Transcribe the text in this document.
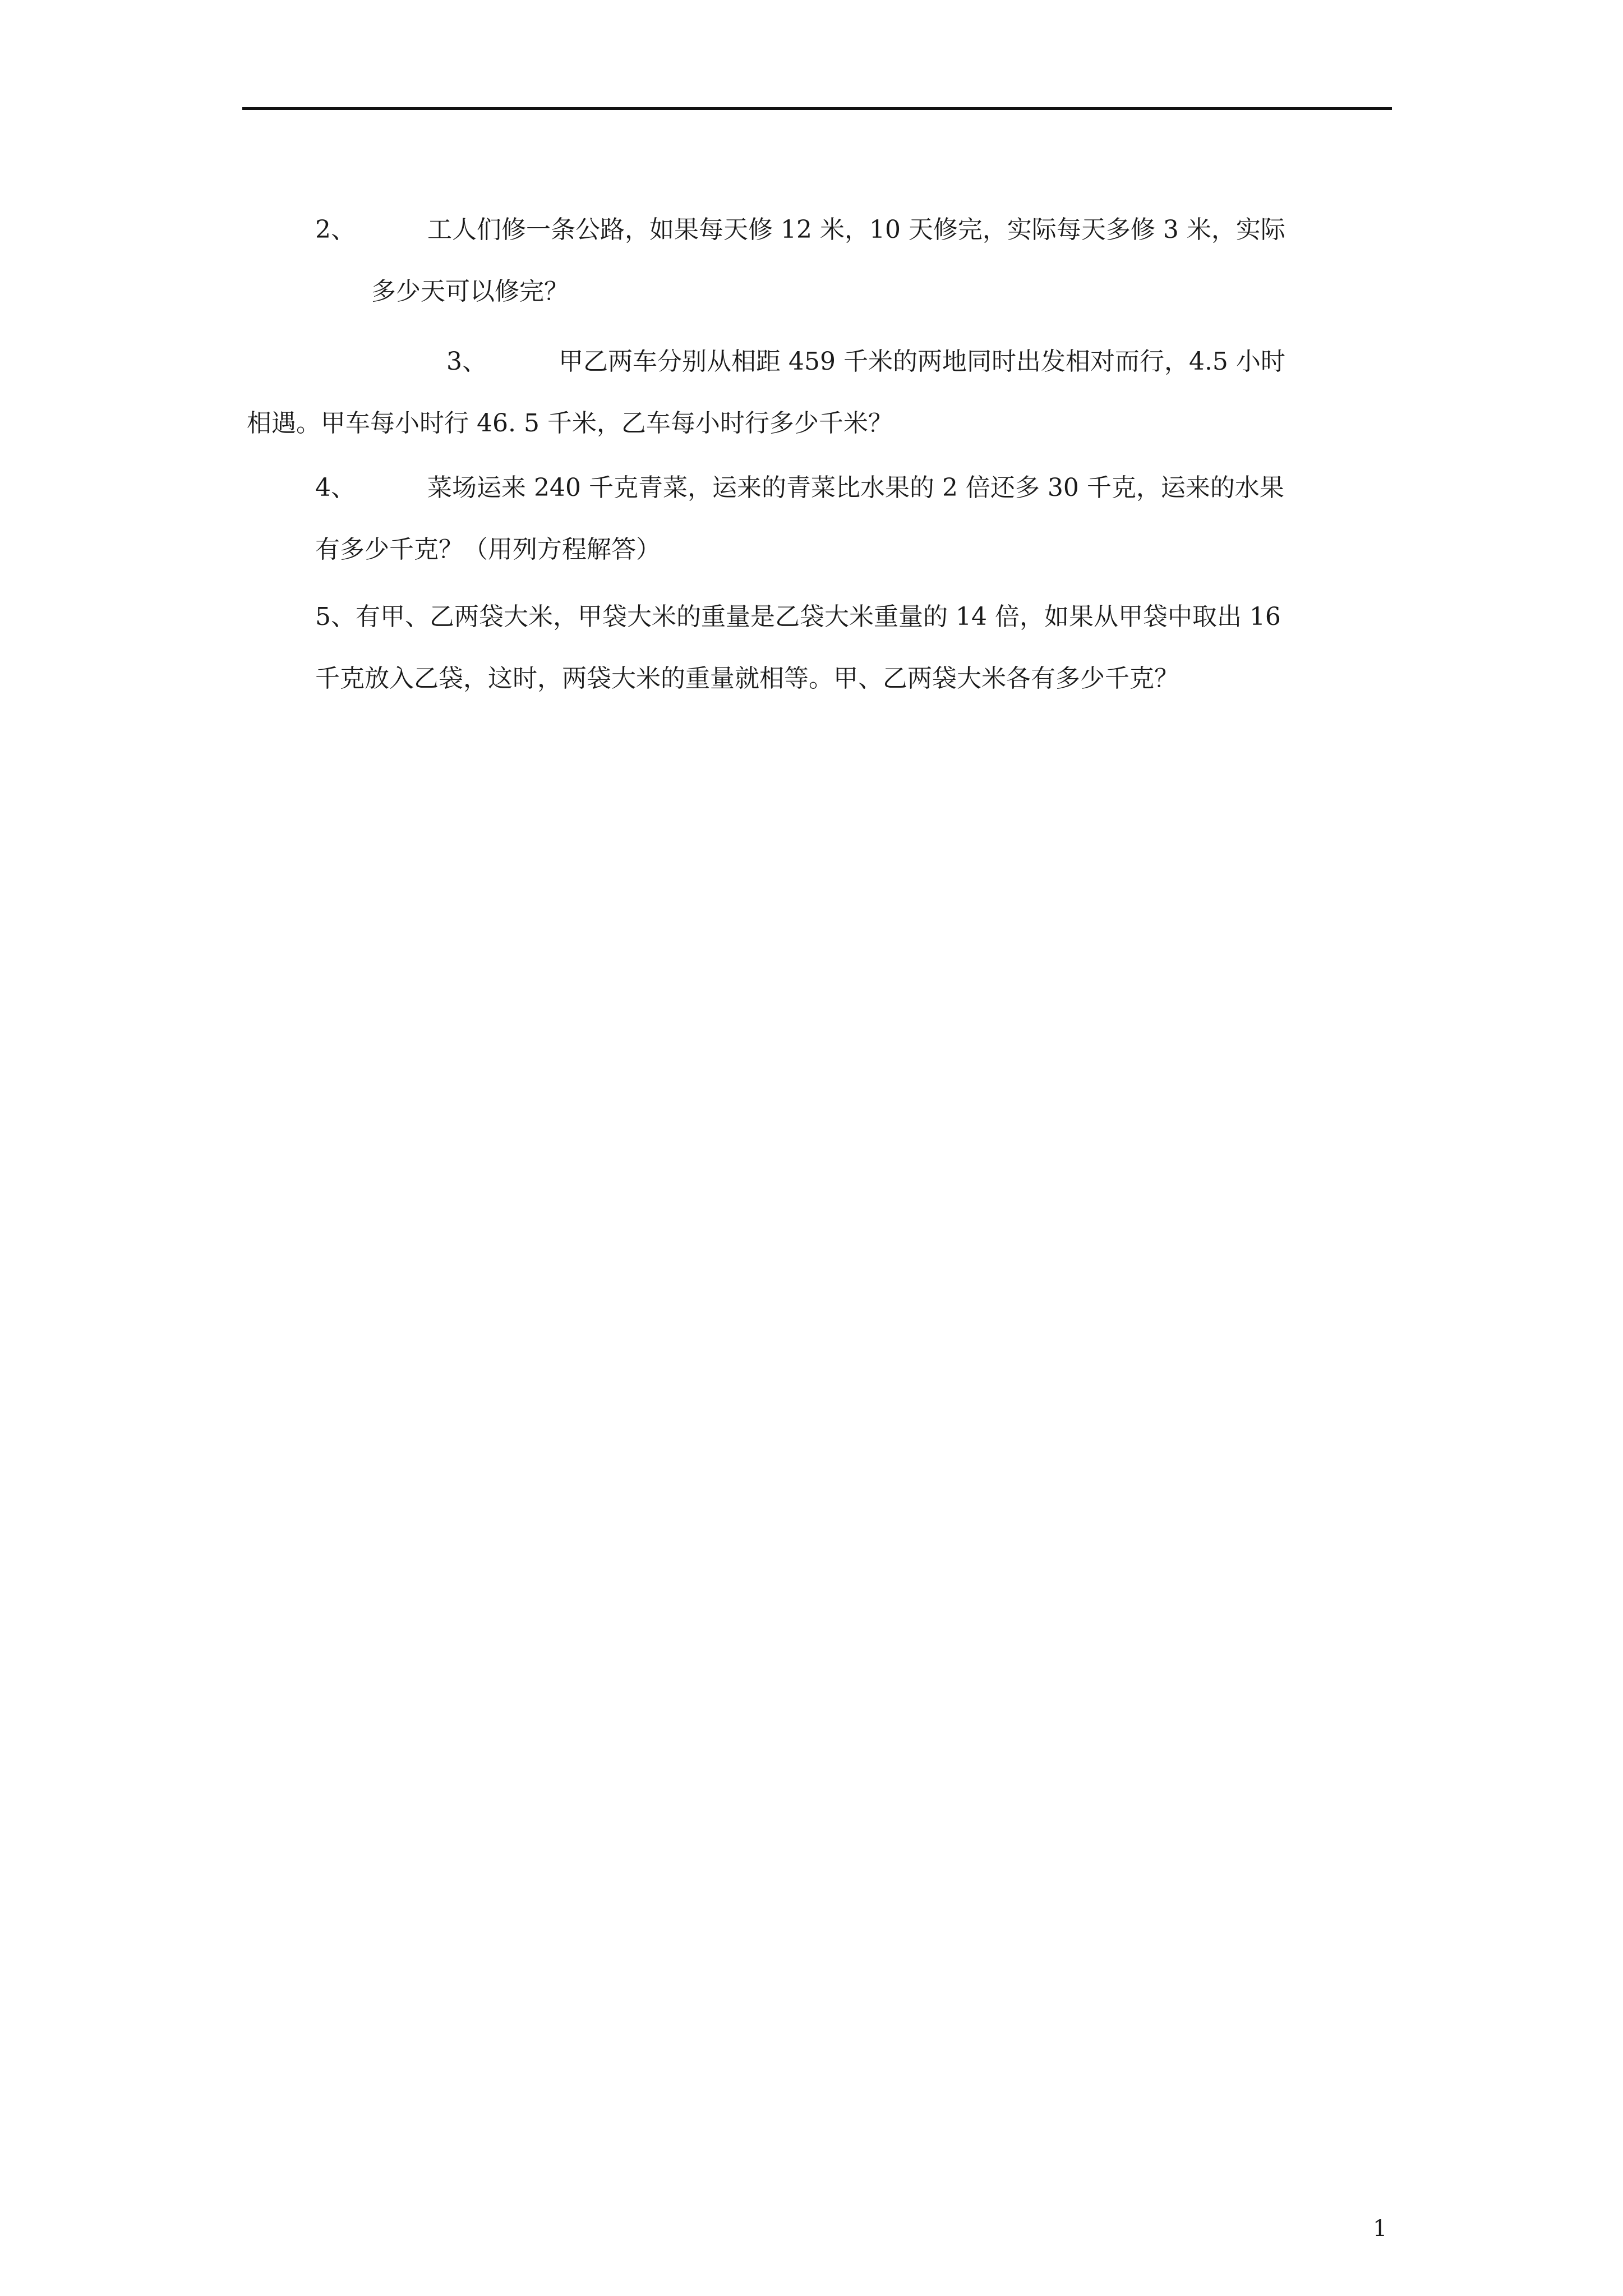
2、	工人们修一条公路，如果每天修 12 米，10 天修完，实际每天多修 3 米，实际
多少天可以修完？
3、	甲乙两车分别从相距 459 千米的两地同时出发相对而行，4.5 小时
相遇。甲车每小时行 46. 5 千米，乙车每小时行多少千米？
4、	菜场运来 240 千克青菜，运来的青菜比水果的 2 倍还多 30 千克，运来的水果
有多少千克？（用列方程解答）
5、有甲、乙两袋大米，甲袋大米的重量是乙袋大米重量的 14 倍，如果从甲袋中取出 16
千克放入乙袋，这时，两袋大米的重量就相等。甲、乙两袋大米各有多少千克？
1
